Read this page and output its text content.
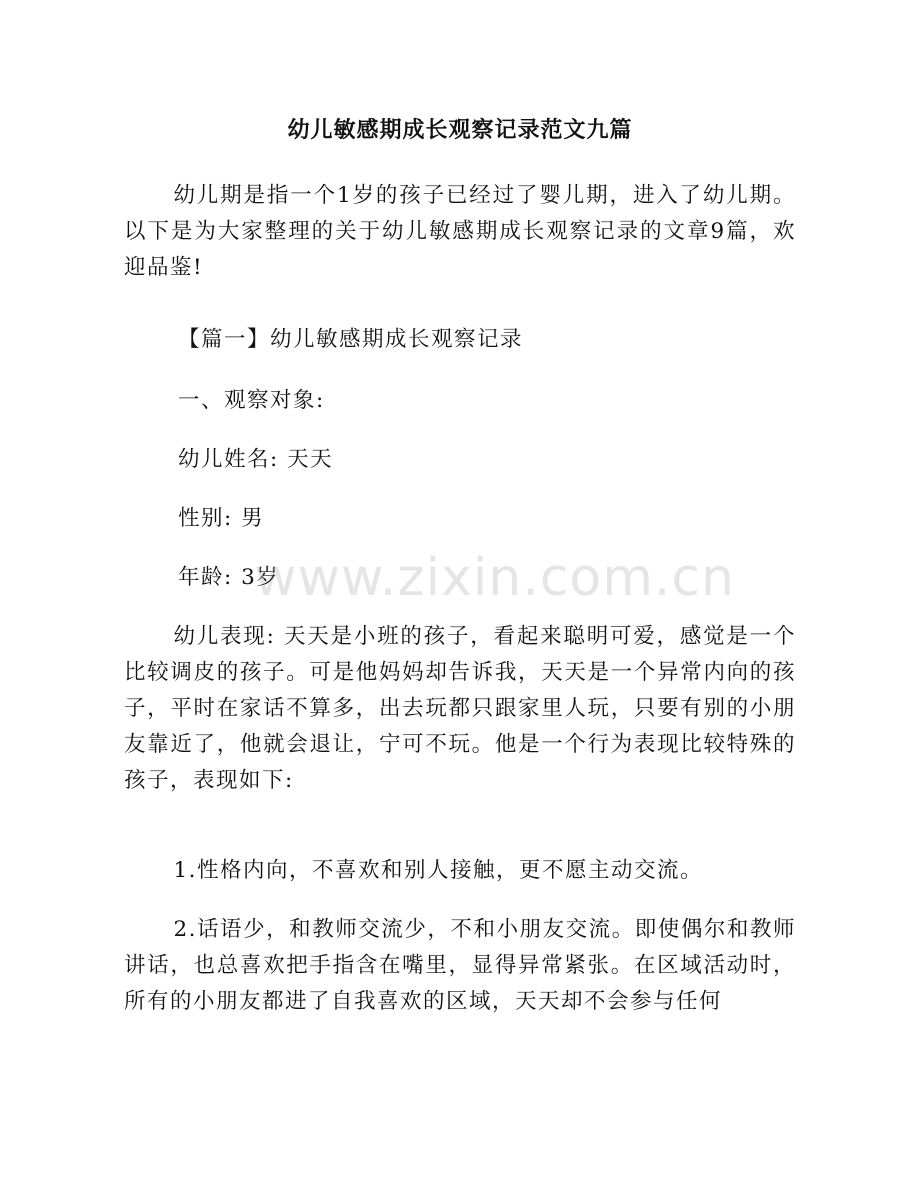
幼儿敏感期成长观察记录范文九篇

幼儿期是指一个1岁的孩子已经过了婴儿期，进入了幼儿期。以下是为大家整理的关于幼儿敏感期成长观察记录的文章9篇，欢迎品鉴!

【篇一】幼儿敏感期成长观察记录

一、观察对象:

幼儿姓名: 天天

性别: 男

年龄: 3岁

幼儿表现: 天天是小班的孩子，看起来聪明可爱，感觉是一个比较调皮的孩子。可是他妈妈却告诉我，天天是一个异常内向的孩子，平时在家话不算多，出去玩都只跟家里人玩，只要有别的小朋友靠近了，他就会退让，宁可不玩。他是一个行为表现比较特殊的孩子，表现如下:

1.性格内向，不喜欢和别人接触，更不愿主动交流。

2.话语少，和教师交流少，不和小朋友交流。即使偶尔和教师讲话，也总喜欢把手指含在嘴里，显得异常紧张。在区域活动时，所有的小朋友都进了自我喜欢的区域，天天却不会参与任何

www.zixin.com.cn
